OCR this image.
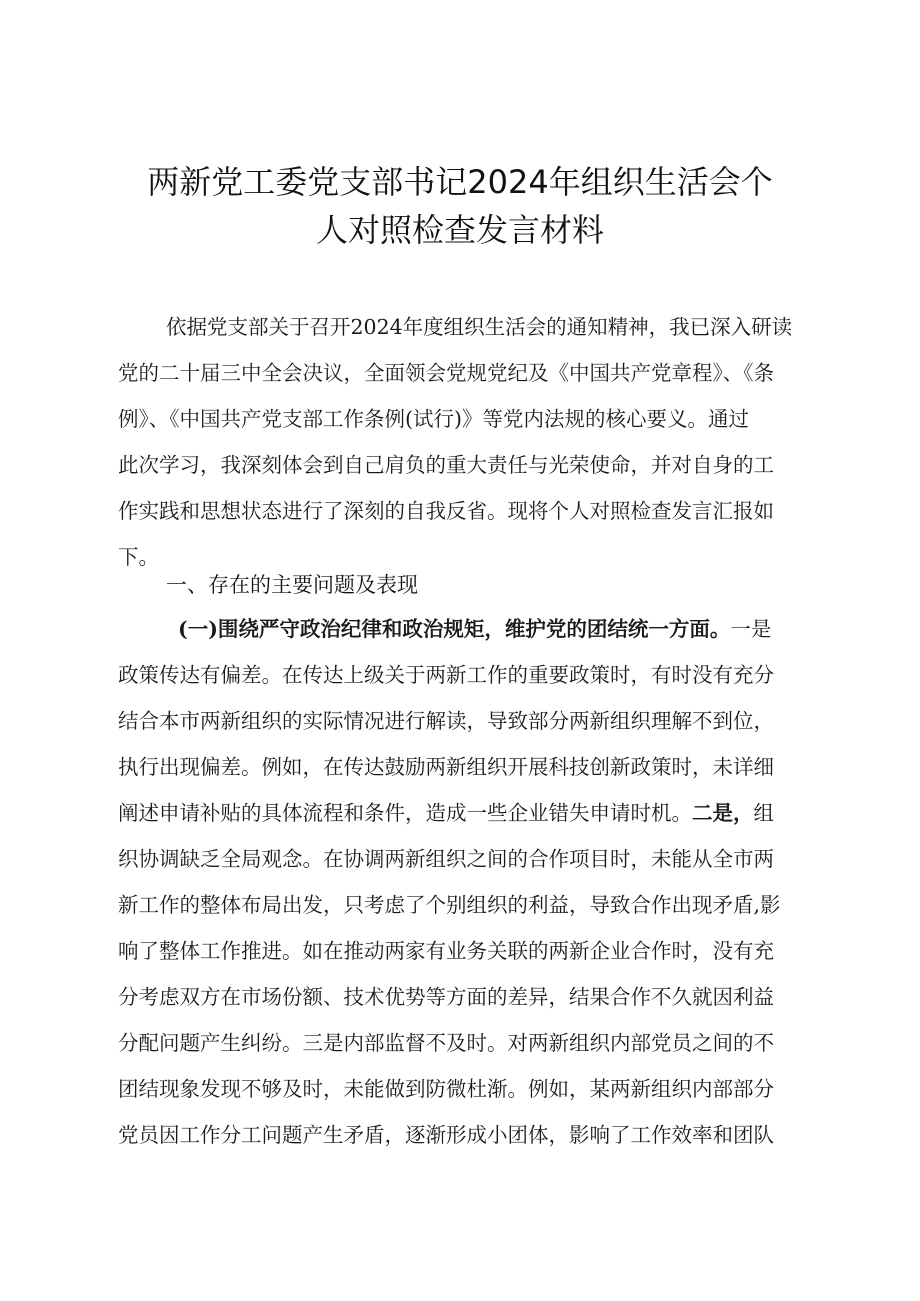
两新党工委党支部书记2024年组织生活会个
人对照检查发言材料
依据党支部关于召开2024年度组织生活会的通知精神，我已深入研读
党的二十届三中全会决议，全面领会党规党纪及《中国共产党章程》、《条
例》、《中国共产党支部工作条例(试行)》等党内法规的核心要义。通过
此次学习，我深刻体会到自己肩负的重大责任与光荣使命，并对自身的工
作实践和思想状态进行了深刻的自我反省。现将个人对照检查发言汇报如
下。
一、存在的主要问题及表现
(一)围绕严守政治纪律和政治规矩，维护党的团结统一方面。一是
政策传达有偏差。在传达上级关于两新工作的重要政策时，有时没有充分
结合本市两新组织的实际情况进行解读，导致部分两新组织理解不到位，
执行出现偏差。例如，在传达鼓励两新组织开展科技创新政策时，未详细
阐述申请补贴的具体流程和条件，造成一些企业错失申请时机。二是，组
织协调缺乏全局观念。在协调两新组织之间的合作项目时，未能从全市两
新工作的整体布局出发，只考虑了个别组织的利益，导致合作出现矛盾,影
响了整体工作推进。如在推动两家有业务关联的两新企业合作时，没有充
分考虑双方在市场份额、技术优势等方面的差异，结果合作不久就因利益
分配问题产生纠纷。三是内部监督不及时。对两新组织内部党员之间的不
团结现象发现不够及时，未能做到防微杜渐。例如，某两新组织内部部分
党员因工作分工问题产生矛盾，逐渐形成小团体，影响了工作效率和团队
